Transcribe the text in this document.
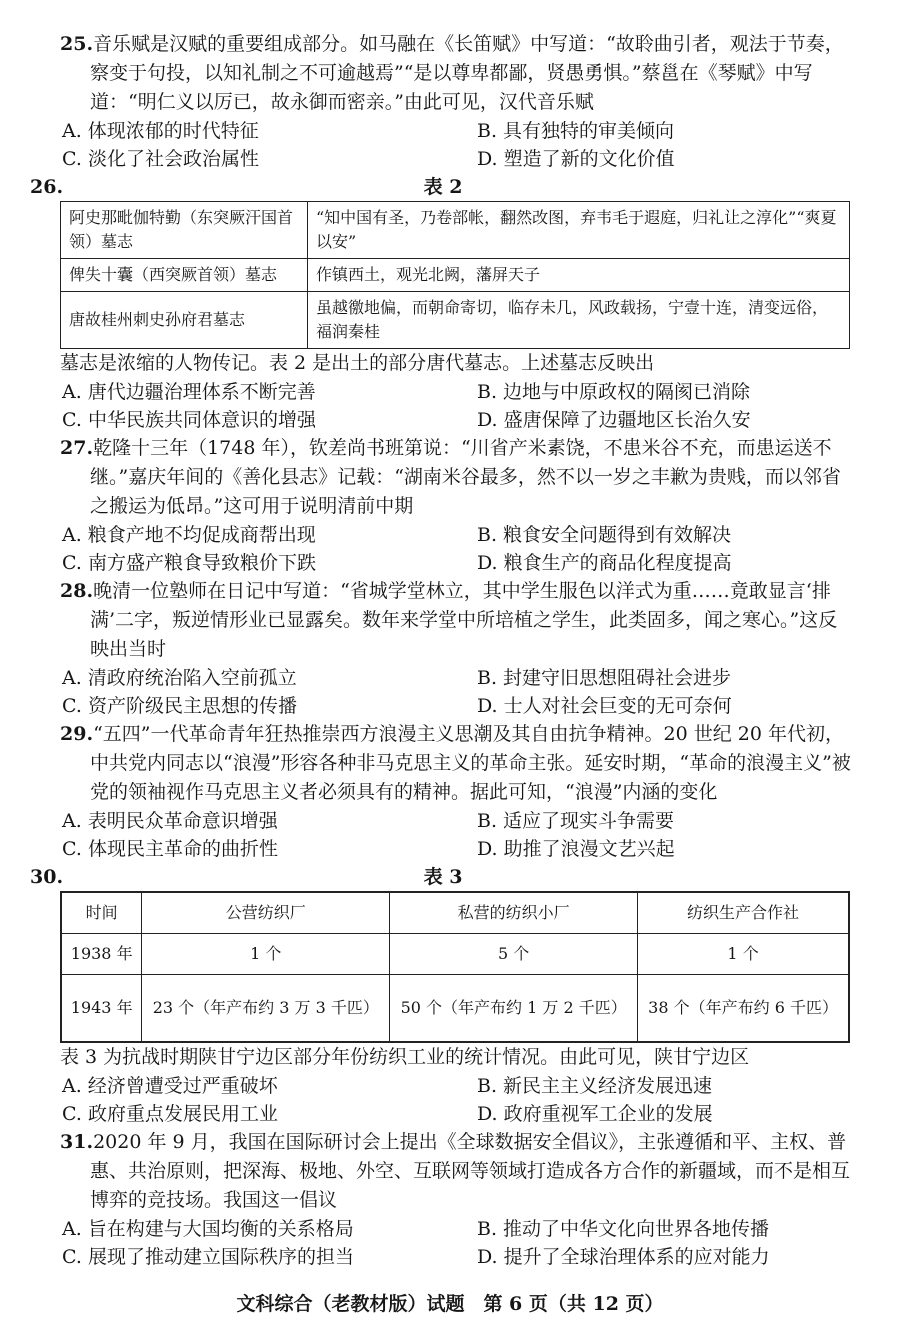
25.音乐赋是汉赋的重要组成部分。如马融在《长笛赋》中写道：“故聆曲引者，观法于节奏，察变于句投，以知礼制之不可逾越焉”“是以尊卑都鄙，贤愚勇惧。”蔡邕在《琴赋》中写道：“明仁义以厉已，故永御而密亲。”由此可见，汉代音乐赋
A. 体现浓郁的时代特征	B. 具有独特的审美倾向
C. 淡化了社会政治属性	D. 塑造了新的文化价值
26.	表 2
阿史那毗伽特勤（东突厥汗国首领）墓志	“知中国有圣，乃卷部帐，翻然改图，弃韦毛于遐庭，归礼让之淳化”“爽夏以安”
俾失十囊（西突厥首领）墓志	作镇西土，观光北阙，藩屏天子
唐故桂州刺史孙府君墓志	虽越徼地偏，而朝命寄切，临存未几，风政载扬，宁壹十连，清变远俗，福润秦桂
墓志是浓缩的人物传记。表 2 是出土的部分唐代墓志。上述墓志反映出
A. 唐代边疆治理体系不断完善	B. 边地与中原政权的隔阂已消除
C. 中华民族共同体意识的增强	D. 盛唐保障了边疆地区长治久安
27.乾隆十三年（1748 年），钦差尚书班第说：“川省产米素饶，不患米谷不充，而患运送不继。”嘉庆年间的《善化县志》记载：“湖南米谷最多，然不以一岁之丰歉为贵贱，而以邻省之搬运为低昂。”这可用于说明清前中期
A. 粮食产地不均促成商帮出现	B. 粮食安全问题得到有效解决
C. 南方盛产粮食导致粮价下跌	D. 粮食生产的商品化程度提高
28.晚清一位塾师在日记中写道：“省城学堂林立，其中学生服色以洋式为重……竟敢显言‘排满’二字，叛逆情形业已显露矣。数年来学堂中所培植之学生，此类固多，闻之寒心。”这反映出当时
A. 清政府统治陷入空前孤立	B. 封建守旧思想阻碍社会进步
C. 资产阶级民主思想的传播	D. 士人对社会巨变的无可奈何
29.“五四”一代革命青年狂热推崇西方浪漫主义思潮及其自由抗争精神。20 世纪 20 年代初，中共党内同志以“浪漫”形容各种非马克思主义的革命主张。延安时期，“革命的浪漫主义”被党的领袖视作马克思主义者必须具有的精神。据此可知，“浪漫”内涵的变化
A. 表明民众革命意识增强	B. 适应了现实斗争需要
C. 体现民主革命的曲折性	D. 助推了浪漫文艺兴起
30.	表 3
时间	公营纺织厂	私营的纺织小厂	纺织生产合作社
1938 年	1 个	5 个	1 个
1943 年	23 个（年产布约 3 万 3 千匹）	50 个（年产布约 1 万 2 千匹）	38 个（年产布约 6 千匹）
表 3 为抗战时期陕甘宁边区部分年份纺织工业的统计情况。由此可见，陕甘宁边区
A. 经济曾遭受过严重破坏	B. 新民主主义经济发展迅速
C. 政府重点发展民用工业	D. 政府重视军工企业的发展
31.2020 年 9 月，我国在国际研讨会上提出《全球数据安全倡议》，主张遵循和平、主权、普惠、共治原则，把深海、极地、外空、互联网等领域打造成各方合作的新疆域，而不是相互博弈的竞技场。我国这一倡议
A. 旨在构建与大国均衡的关系格局	B. 推动了中华文化向世界各地传播
C. 展现了推动建立国际秩序的担当	D. 提升了全球治理体系的应对能力
文科综合（老教材版）试题　第 6 页（共 12 页）
